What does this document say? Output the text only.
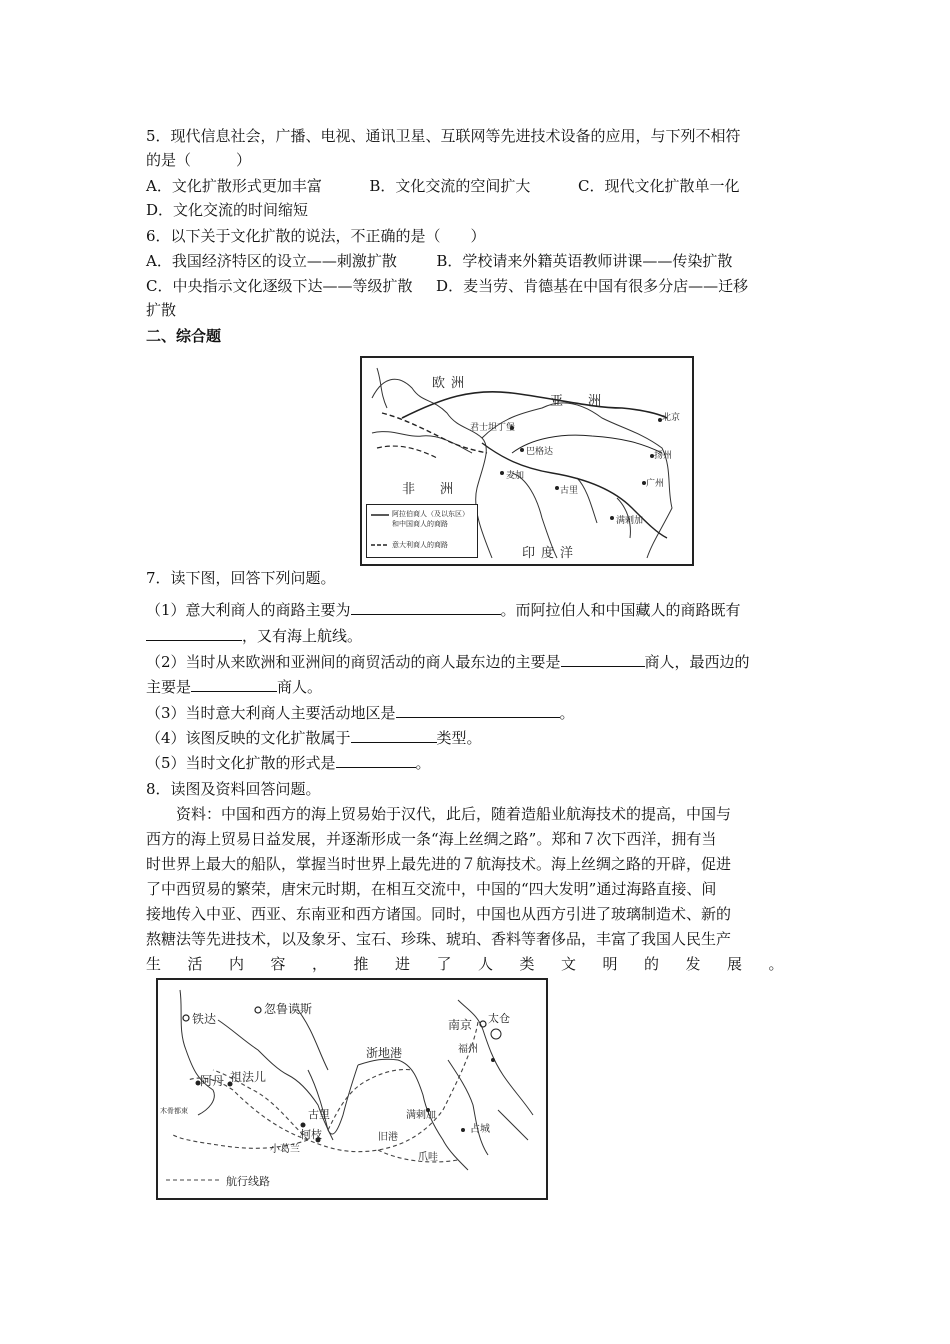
5．现代信息社会，广播、电视、通讯卫星、互联网等先进技术设备的应用，与下列不相符
的是（　　　）
A．文化扩散形式更加丰富	B．文化交流的空间扩大	C．现代文化扩散单一化
D．文化交流的时间缩短
6．以下关于文化扩散的说法，不正确的是（　　）
A．我国经济特区的设立——刺激扩散	B．学校请来外籍英语教师讲课——传染扩散
C．中央指示文化逐级下达——等级扩散 D．麦当劳、肯德基在中国有很多分店——迁移
扩散
二、综合题
欧洲
亚　洲
非　洲
印度洋
北京
君士坦丁堡
巴格达	扬州
广州
古里
满剌加
麦加
阿拉伯商人（及以东区）
和中国商人的商路
意大利商人的商路
7．读下图，回答下列问题。
（1）意大利商人的商路主要为	。而阿拉伯人和中国藏人的商路既有
，又有海上航线。
（2）当时从来欧洲和亚洲间的商贸活动的商人最东边的主要是	商人，最西边的
主要是	商人。
（3）当时意大利商人主要活动地区是	。
（4）该图反映的文化扩散属于	类型。
（5）当时文化扩散的形式是	。
8．读图及资料回答问题。
资料：中国和西方的海上贸易始于汉代，此后，随着造船业航海技术的提高，中国与
西方的海上贸易日益发展，并逐渐形成一条“海上丝绸之路”。郑和７次下西洋，拥有当
时世界上最大的船队，掌握当时世界上最先进的７航海技术。海上丝绸之路的开辟，促进
了中西贸易的繁荣，唐宋元时期，在相互交流中，中国的“四大发明”通过海路直接、间
接地传入中亚、西亚、东南亚和西方诸国。同时，中国也从西方引进了玻璃制造术、新的
熬糖法等先进技术，以及象牙、宝石、珍珠、琥珀、香料等奢侈品，丰富了我国人民生产
生活内容，推进了人类文明的发展。
铁达
忽鲁谟斯
阿丹 祖法儿
古里
柯枝
小葛兰
浙地港
满剌加
占城
爪哇
旧港
南京 太仓
福州
木骨都束
航行线路
